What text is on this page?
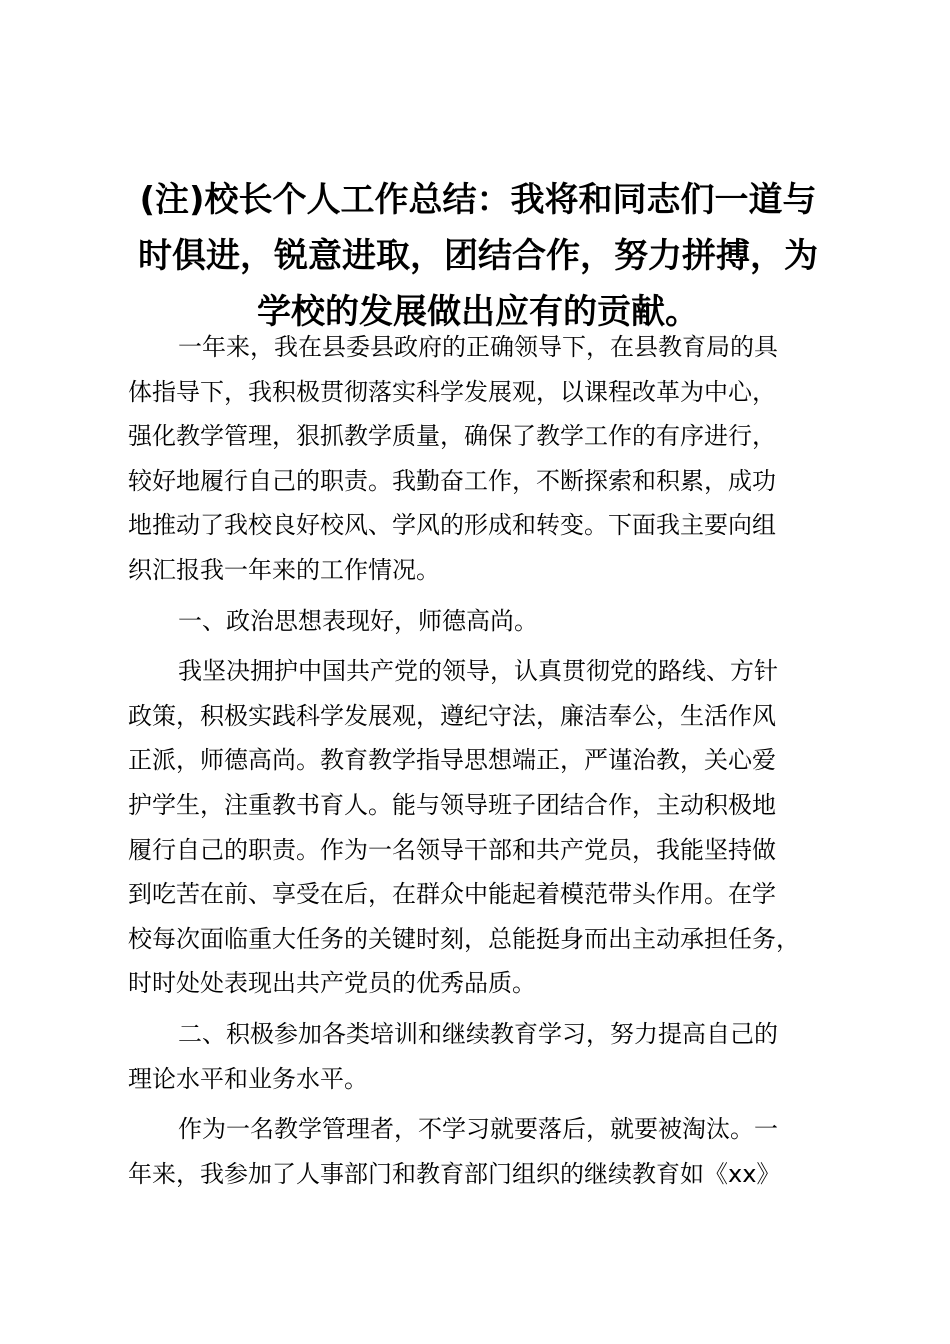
(注)校长个人工作总结：我将和同志们一道与
时俱进，锐意进取，团结合作，努力拼搏，为
学校的发展做出应有的贡献。

一年来，我在县委县政府的正确领导下，在县教育局的具
体指导下，我积极贯彻落实科学发展观，以课程改革为中心，
强化教学管理，狠抓教学质量，确保了教学工作的有序进行，
较好地履行自己的职责。我勤奋工作，不断探索和积累，成功
地推动了我校良好校风、学风的形成和转变。下面我主要向组
织汇报我一年来的工作情况。

一、政治思想表现好，师德高尚。

我坚决拥护中国共产党的领导，认真贯彻党的路线、方针
政策，积极实践科学发展观，遵纪守法，廉洁奉公，生活作风
正派，师德高尚。教育教学指导思想端正，严谨治教，关心爱
护学生，注重教书育人。能与领导班子团结合作，主动积极地
履行自己的职责。作为一名领导干部和共产党员，我能坚持做
到吃苦在前、享受在后，在群众中能起着模范带头作用。在学
校每次面临重大任务的关键时刻，总能挺身而出主动承担任务，
时时处处表现出共产党员的优秀品质。

二、积极参加各类培训和继续教育学习，努力提高自己的
理论水平和业务水平。

作为一名教学管理者，不学习就要落后，就要被淘汰。一
年来，我参加了人事部门和教育部门组织的继续教育如《xx》
